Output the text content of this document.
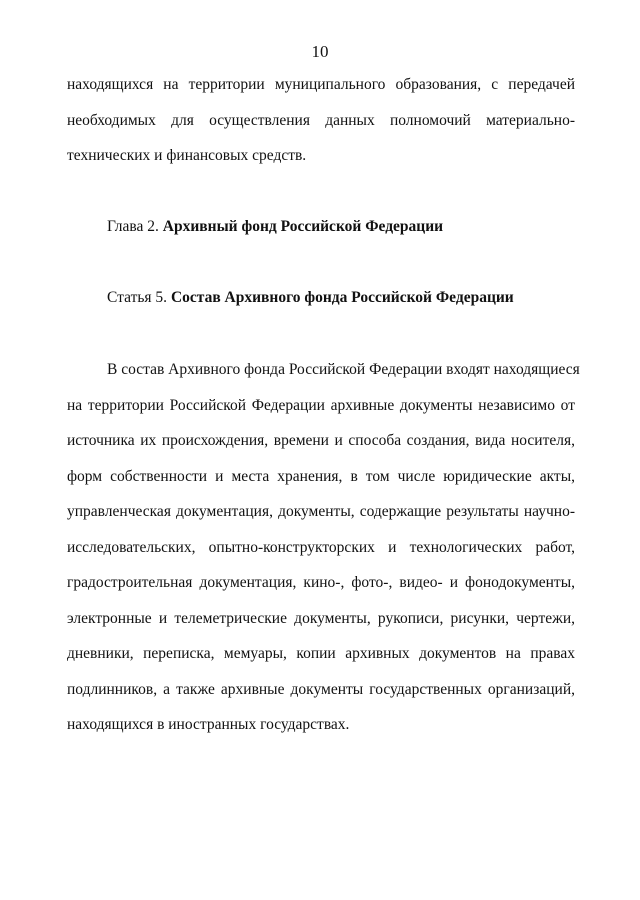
10
находящихся на территории муниципального образования, с передачей
необходимых для осуществления данных полномочий материально-
технических и финансовых средств.
Глава 2. Архивный фонд Российской Федерации
Статья 5. Состав Архивного фонда Российской Федерации
В состав Архивного фонда Российской Федерации входят находящиеся
на территории Российской Федерации архивные документы независимо от
источника их происхождения, времени и способа создания, вида носителя,
форм собственности и места хранения, в том числе юридические акты,
управленческая документация, документы, содержащие результаты научно-
исследовательских, опытно-конструкторских и технологических работ,
градостроительная документация, кино-, фото-, видео- и фонодокументы,
электронные и телеметрические документы, рукописи, рисунки, чертежи,
дневники, переписка, мемуары, копии архивных документов на правах
подлинников, а также архивные документы государственных организаций,
находящихся в иностранных государствах.
